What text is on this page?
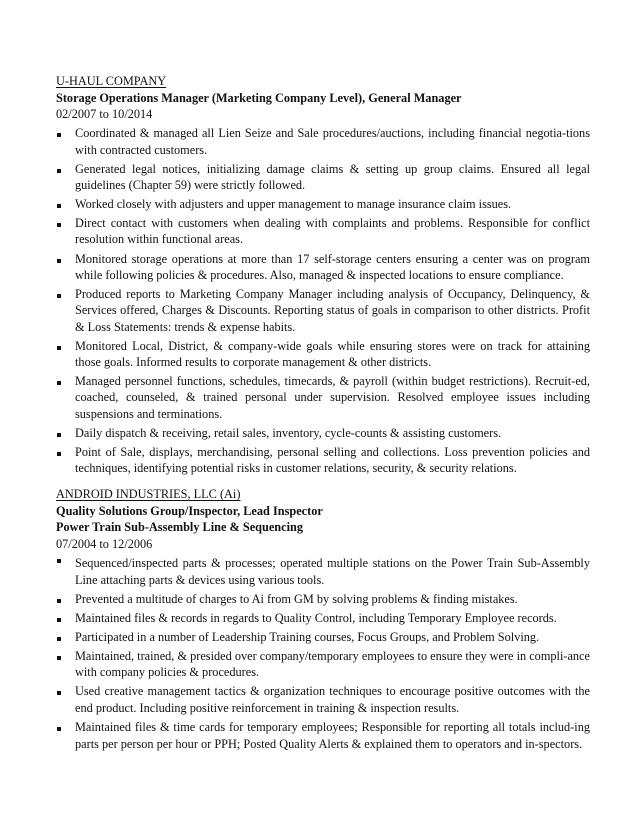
U-HAUL COMPANY
Storage Operations Manager (Marketing Company Level), General Manager
02/2007 to 10/2014
Coordinated & managed all Lien Seize and Sale procedures/auctions, including financial negotia-tions with contracted customers.
Generated legal notices, initializing damage claims & setting up group claims. Ensured all legal guidelines (Chapter 59) were strictly followed.
Worked closely with adjusters and upper management to manage insurance claim issues.
Direct contact with customers when dealing with complaints and problems. Responsible for conflict resolution within functional areas.
Monitored storage operations at more than 17 self-storage centers ensuring a center was on program while following policies & procedures. Also, managed & inspected locations to ensure compliance.
Produced reports to Marketing Company Manager including analysis of Occupancy, Delinquency, & Services offered, Charges & Discounts. Reporting status of goals in comparison to other districts. Profit & Loss Statements: trends & expense habits.
Monitored Local, District, & company-wide goals while ensuring stores were on track for attaining those goals. Informed results to corporate management & other districts.
Managed personnel functions, schedules, timecards, & payroll (within budget restrictions). Recruit-ed, coached, counseled, & trained personal under supervision. Resolved employee issues including suspensions and terminations.
Daily dispatch & receiving, retail sales, inventory, cycle-counts & assisting customers.
Point of Sale, displays, merchandising, personal selling and collections. Loss prevention policies and techniques, identifying potential risks in customer relations, security, & security relations.
ANDROID INDUSTRIES, LLC (Ai)
Quality Solutions Group/Inspector, Lead Inspector
Power Train Sub-Assembly Line & Sequencing
07/2004 to 12/2006
Sequenced/inspected parts & processes; operated multiple stations on the Power Train Sub-Assembly Line attaching parts & devices using various tools.
Prevented a multitude of charges to Ai from GM by solving problems & finding mistakes.
Maintained files & records in regards to Quality Control, including Temporary Employee records.
Participated in a number of Leadership Training courses, Focus Groups, and Problem Solving.
Maintained, trained, & presided over company/temporary employees to ensure they were in compli-ance with company policies & procedures.
Used creative management tactics & organization techniques to encourage positive outcomes with the end product. Including positive reinforcement in training & inspection results.
Maintained files & time cards for temporary employees; Responsible for reporting all totals includ-ing parts per person per hour or PPH; Posted Quality Alerts & explained them to operators and in-spectors.
